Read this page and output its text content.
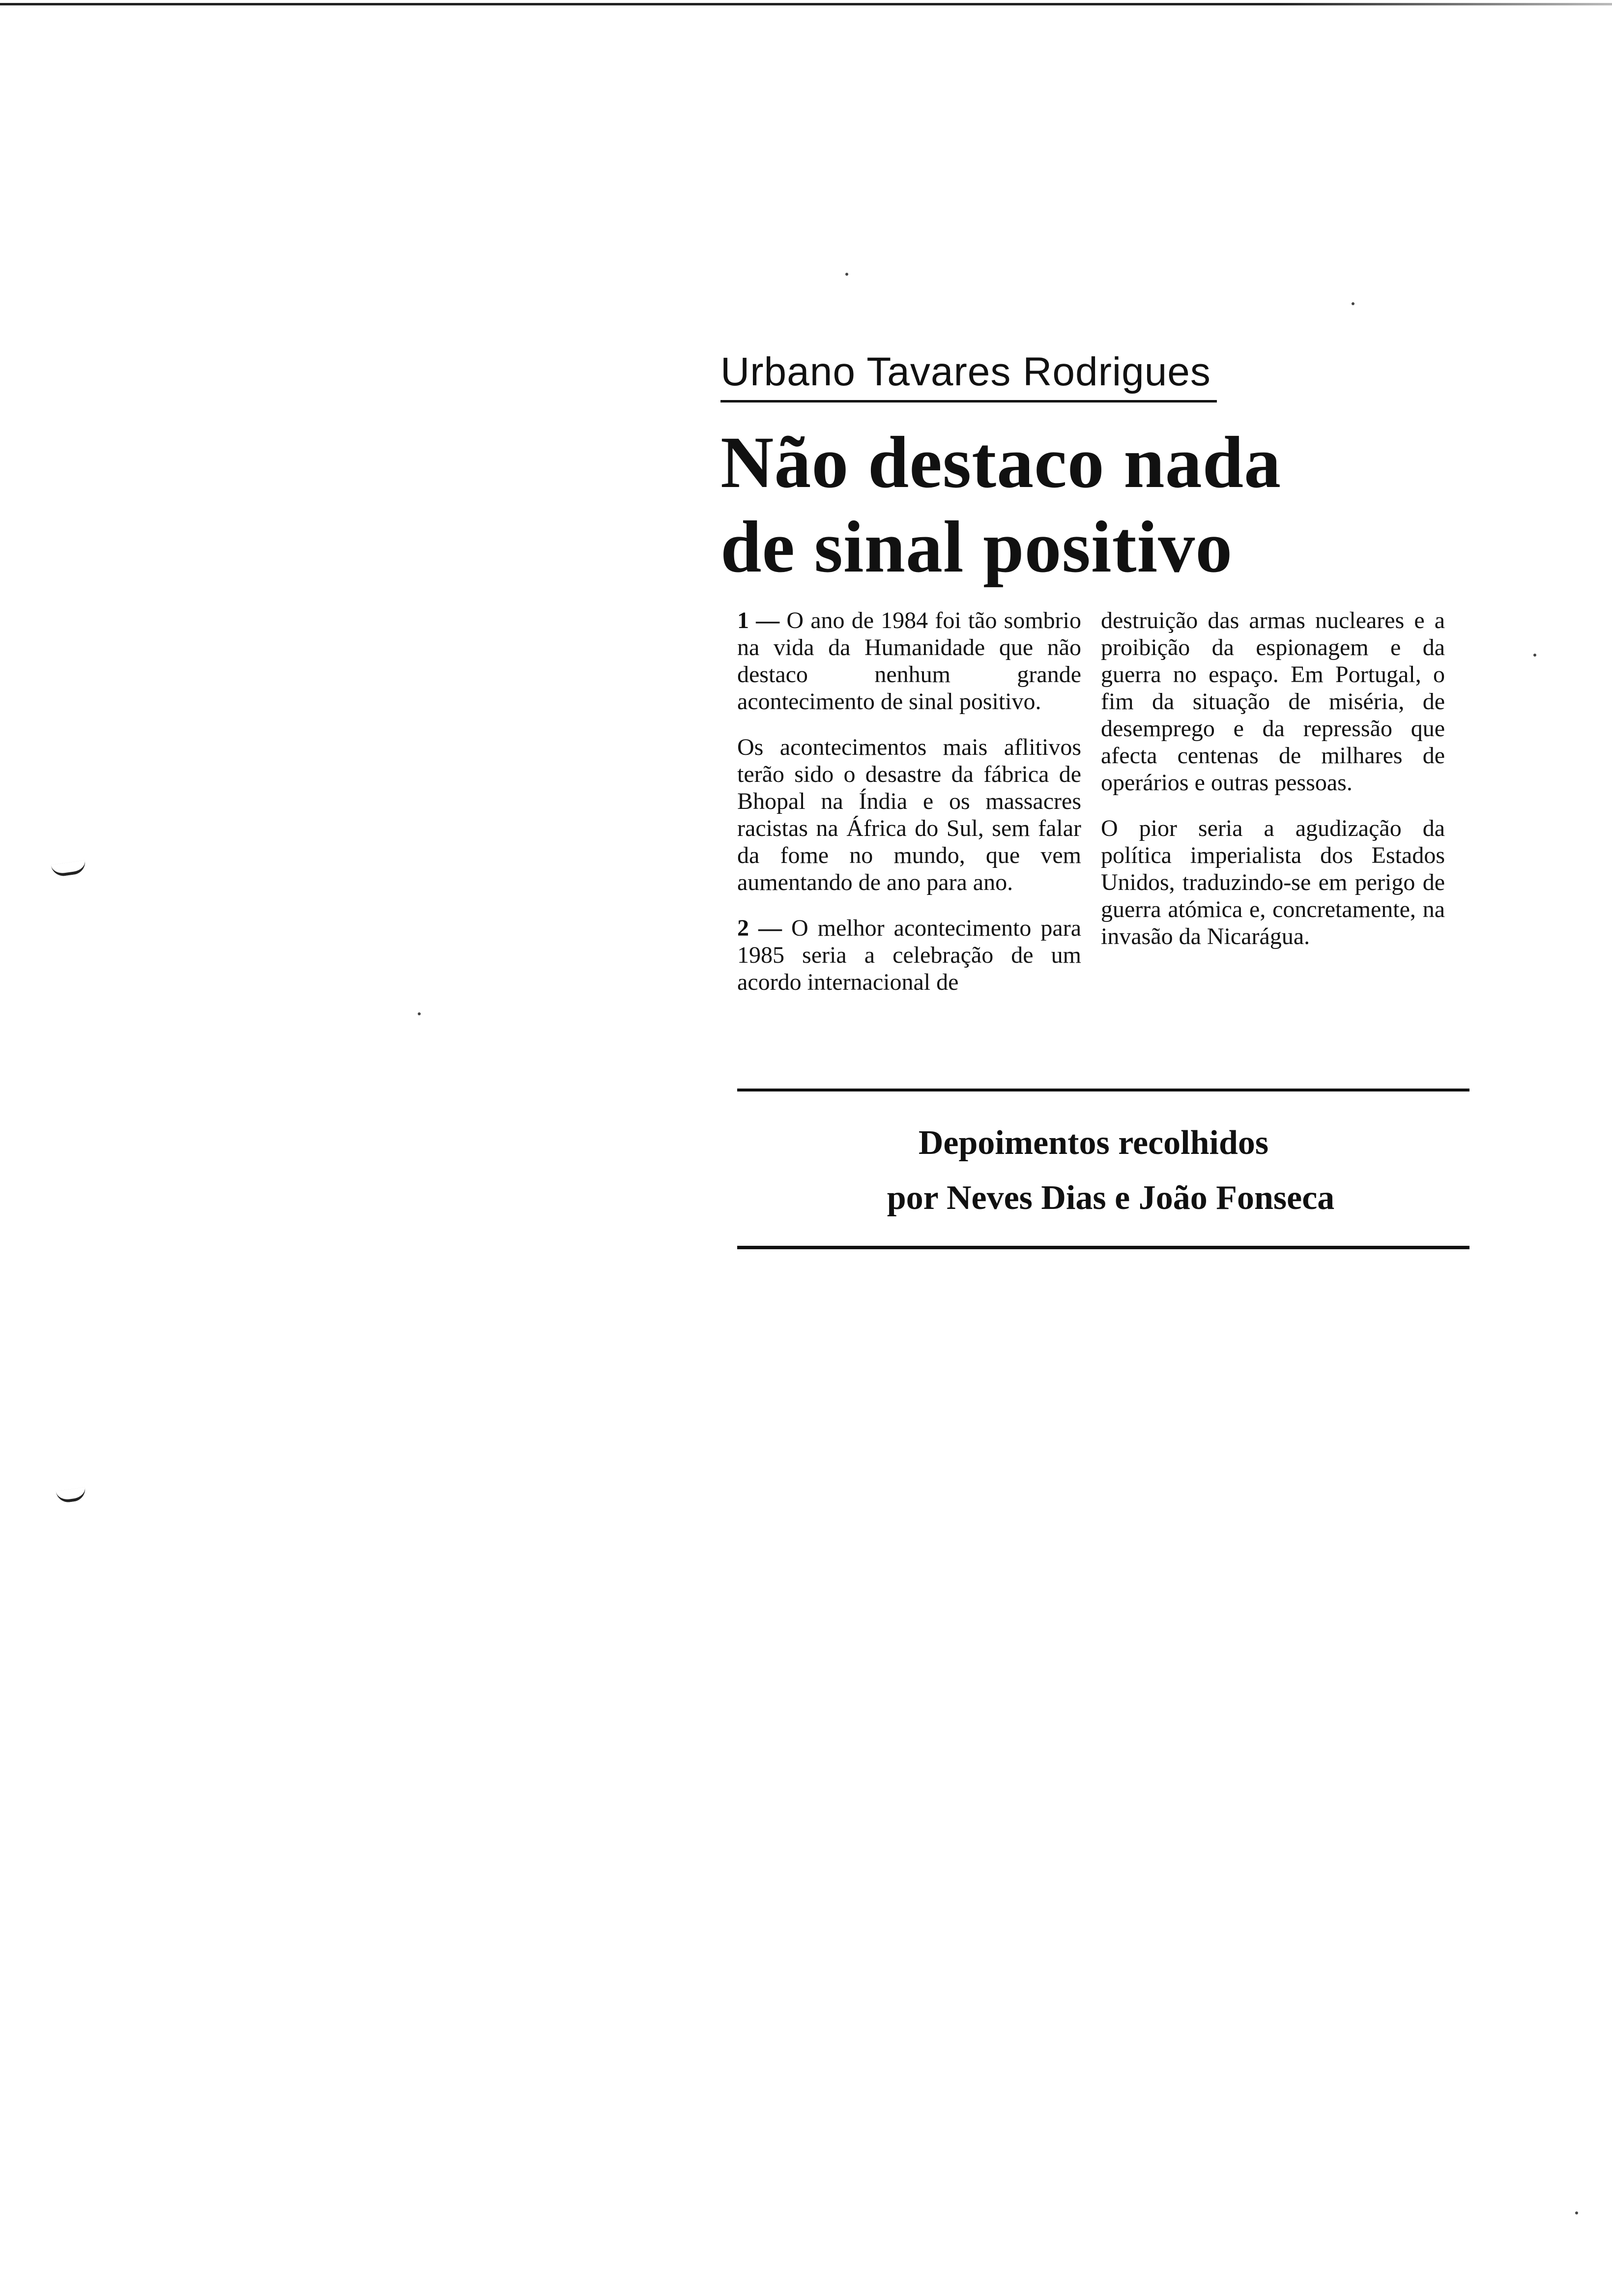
Urbano Tavares Rodrigues
Não destaco nada
de sinal positivo

1 — O ano de 1984 foi tão sombrio na vida da Humanidade que não destaco nenhum grande acontecimento de sinal positivo.

Os acontecimentos mais aflitivos terão sido o desastre da fábrica de Bhopal na Índia e os massacres racistas na África do Sul, sem falar da fome no mundo, que vem aumentando de ano para ano.

2 — O melhor acontecimento para 1985 seria a celebração de um acordo internacional de

destruição das armas nucleares e a proibição da espionagem e da guerra no espaço. Em Portugal, o fim da situação de miséria, de desemprego e da repressão que afecta centenas de milhares de operários e outras pessoas.

O pior seria a agudização da política imperialista dos Estados Unidos, traduzindo-se em perigo de guerra atómica e, concretamente, na invasão da Nicarágua.

Depoimentos recolhidos
por Neves Dias e João Fonseca
